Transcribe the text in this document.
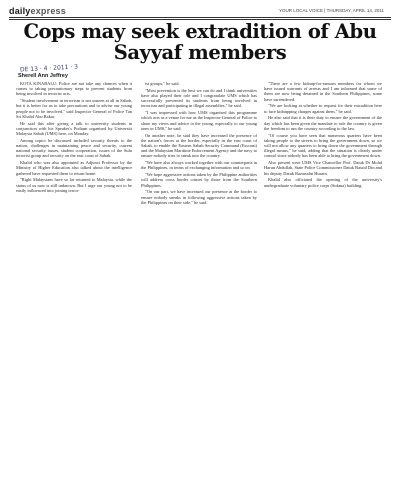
dailyexpress	YOUR LOCAL VOICE | THURSDAY, APRIL 14, 2011
Cops may seek extradition of Abu Sayyaf members
DE 13 · 4 · 2011 · 3
Sherell Ann Jeffrey

KOTA KINABALU: Police are not take any chances when it comes to taking precautionary steps to prevent students from being involved in terrorist acts.

"Student involvement in terrorism is not unseen at all in Sabah, but it is better for us to take precautions and to advise our young people not to be involved," said Inspector General of Police Tan Sri Khalid Abu Bakar.

He said this after giving a talk to university students in conjunction with his Speaker's Podium organised by Universiti Malaysia Sabah (UMS) here, on Monday.

Among topics he discussed included security threats to the nation, challenges in maintaining peace and security, current national security issues, student cooperation, issues of the Sulu terrorist group and security on the east coast of Sabah.

Khalid who was also appointed as Adjunct Professor by the Ministry of Higher Education also talked about the intelligence gathered have requested them to return home.

"Right Malaysians have so far returned to Malaysia, while the status of us now is still unknown. But I urge our young not to be easily influenced into joining terror-

ist groups," he said.

"Most prevention is the best we can do and I think universities have also played their role and I congratulate UMS which has successfully prevented its students from being involved in terrorism and participating in illegal assemblies," he said.

"I was impressed with how UMS organised this programme which acts as a venue for me as the Inspector-General of Police to share my views and advice to the young, especially to our young ones in UMS," he said.

On another note, he said they have increased the presence of the nation's forces at the border, especially in the east coast of Sabah, to enable the Eastern Sabah Security Command (Esscom) and the Malaysian Maritime Enforcement Agency and the navy to ensure nobody tries to sneak into the country.

"We have also always worked together with our counterparts in the Philippines, in terms of exchanging information and so on.

"We hope aggressive actions taken by the Philippine authorities will address cross border crimes by those from the Southern Philippines.

"On our part, we have increased our presence at the border to ensure nobody sneaks in following aggressive actions taken by the Philippines on their side," he said.

"There are a few kidnap-for-ransom members for whom we have issued warrants of arrests and I am informed that some of them are now being detained in the Southern Philippines, some have surrendered.

"We are looking at whether to request for their extradition here to face kidnapping charges against them," he said.

He also said that it is their duty to ensure the government of the day which has been given the mandate to rule the country is given the freedom to run the country according to the law.

"Of course you have seen that numerous quarters have been taking people to the streets to bring the government down, so we will not allow any quarters to bring down the government through illegal means," he said, adding that the situation is clearly under control since nobody has been able to bring the government down.

Also present were UMS Vice Chancellor Prof. Datuk Dr Mohd Harun Abdullah, State Police Commissioner Datuk Rassid Din and his deputy Datuk Razarudin Husain.

Khalid also officiated the opening of the university's undergraduate voluntary police corps (Sukma) building.
